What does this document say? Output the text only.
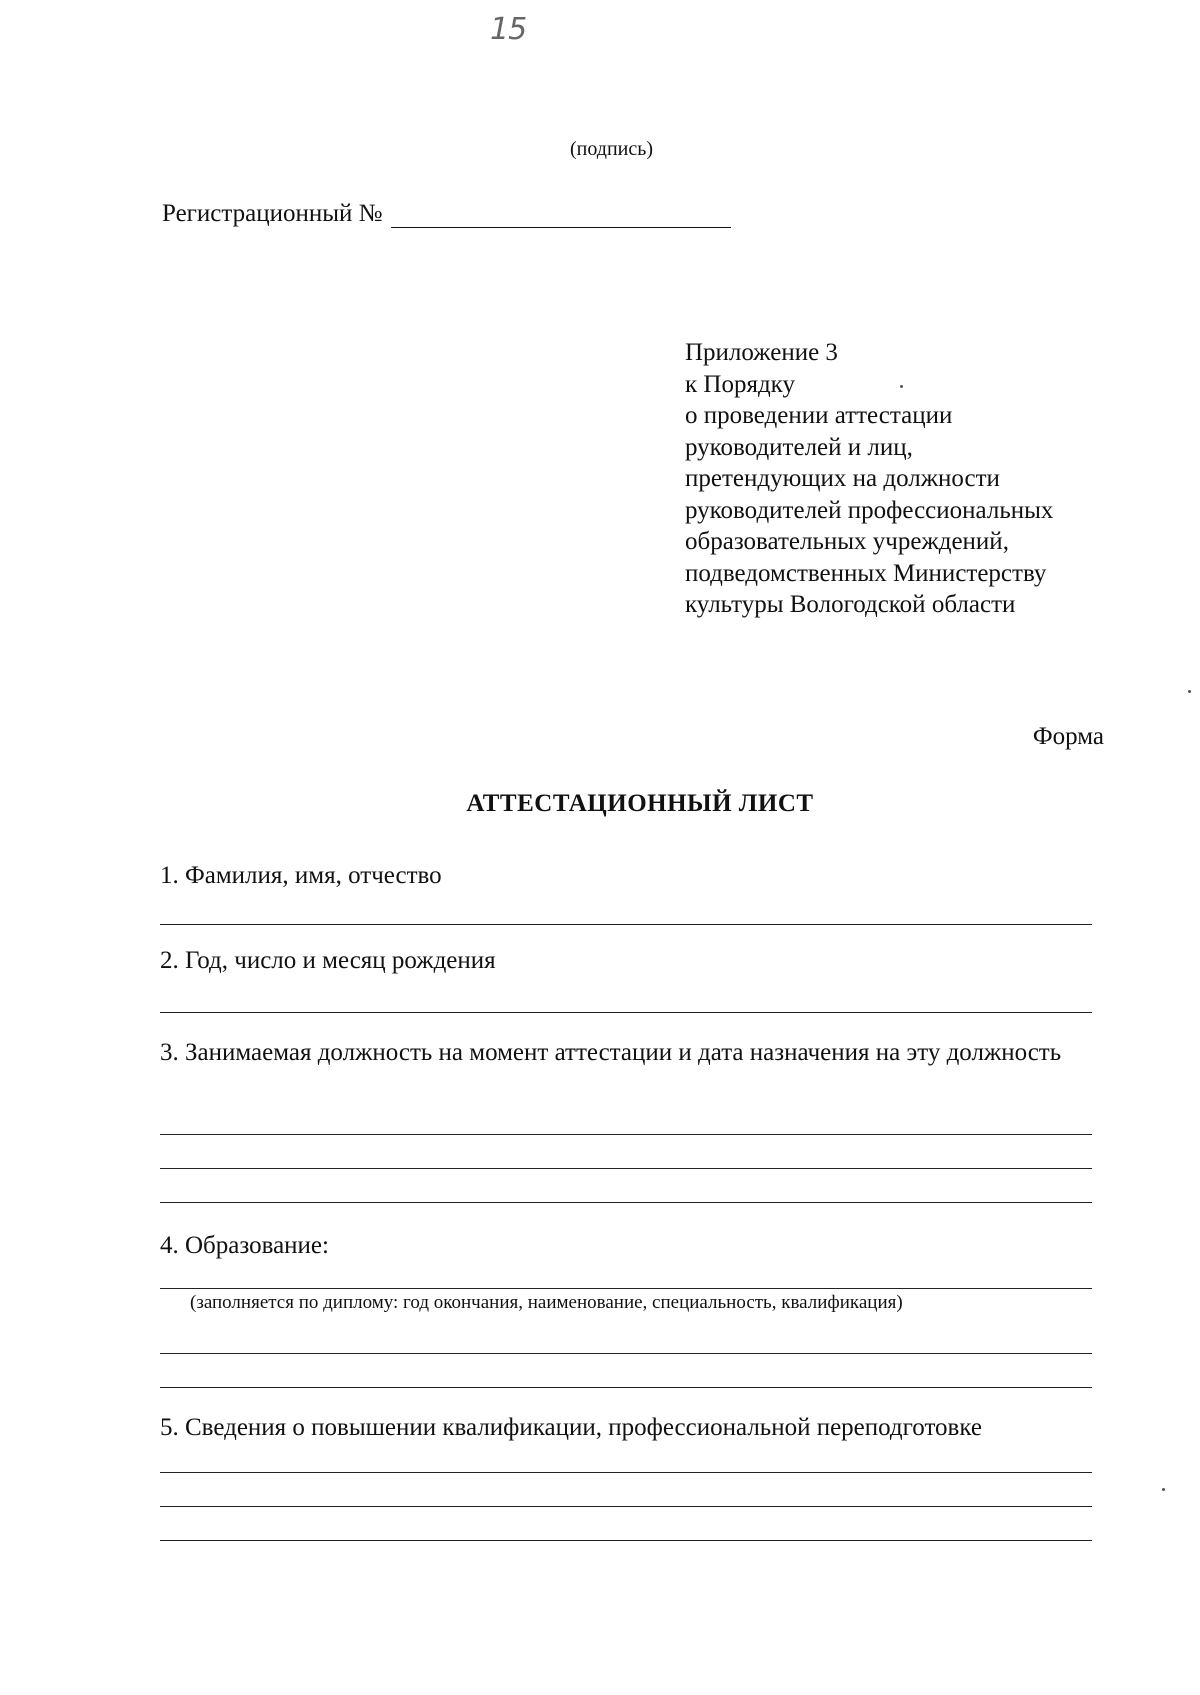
15
(подпись)
Регистрационный №
Приложение 3
к Порядку
о проведении аттестации
руководителей и лиц,
претендующих на должности
руководителей профессиональных
образовательных учреждений,
подведомственных Министерству
культуры Вологодской области
Форма
АТТЕСТАЦИОННЫЙ ЛИСТ
1. Фамилия, имя, отчество
2. Год, число и месяц рождения
3. Занимаемая должность на момент аттестации и дата назначения на эту должность
4. Образование:
(заполняется по диплому: год окончания, наименование, специальность, квалификация)
5. Сведения о повышении квалификации, профессиональной переподготовке
